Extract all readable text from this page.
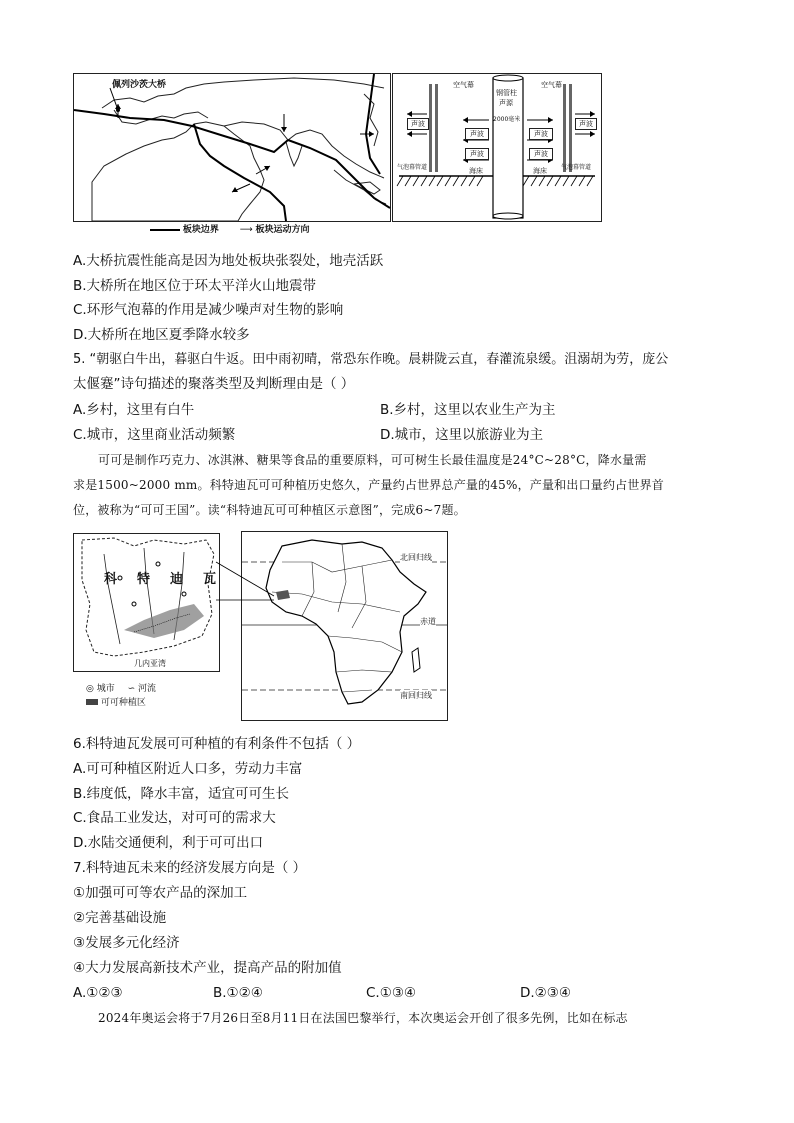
佩列沙茨大桥	空气幕	空气幕
钢管柱
声源
2000毫米
声波
声波
声波
声波
声波	声波
气泡幕管道	气泡幕管道
海床	海床
板块边界 ⟶ 板块运动方向
A.大桥抗震性能高是因为地处板块张裂处，地壳活跃
B.大桥所在地区位于环太平洋火山地震带
C.环形气泡幕的作用是减少噪声对生物的影响
D.大桥所在地区夏季降水较多
5. “朝驱白牛出，暮驱白牛返。田中雨初晴，常恐东作晚。晨耕陇云直，春灌流泉缓。沮溺胡为劳，庞公
太偃蹇”诗句描述的聚落类型及判断理由是（ ）
A.乡村，这里有白牛	B.乡村，这里以农业生产为主
C.城市，这里商业活动频繁	D.城市，这里以旅游业为主
可可是制作巧克力、冰淇淋、糖果等食品的重要原料，可可树生长最佳温度是24°C~28°C，降水量需
求是1500~2000 mm。科特迪瓦可可种植历史悠久，产量约占世界总产量的45%，产量和出口量约占世界首
位，被称为“可可王国”。读“科特迪瓦可可种植区示意图”，完成6~7题。
科特迪瓦
几内亚湾
◎ 城市 ∽ 河流
可可种植区
北回归线
赤道
南回归线
6.科特迪瓦发展可可种植的有利条件不包括（ ）
A.可可种植区附近人口多，劳动力丰富
B.纬度低，降水丰富，适宜可可生长
C.食品工业发达，对可可的需求大
D.水陆交通便利，利于可可出口
7.科特迪瓦未来的经济发展方向是（ ）
①加强可可等农产品的深加工
②完善基础设施
③发展多元化经济
④大力发展高新技术产业，提高产品的附加值
A.①②③	B.①②④	C.①③④	D.②③④
2024年奥运会将于7月26日至8月11日在法国巴黎举行，本次奥运会开创了很多先例，比如在标志
